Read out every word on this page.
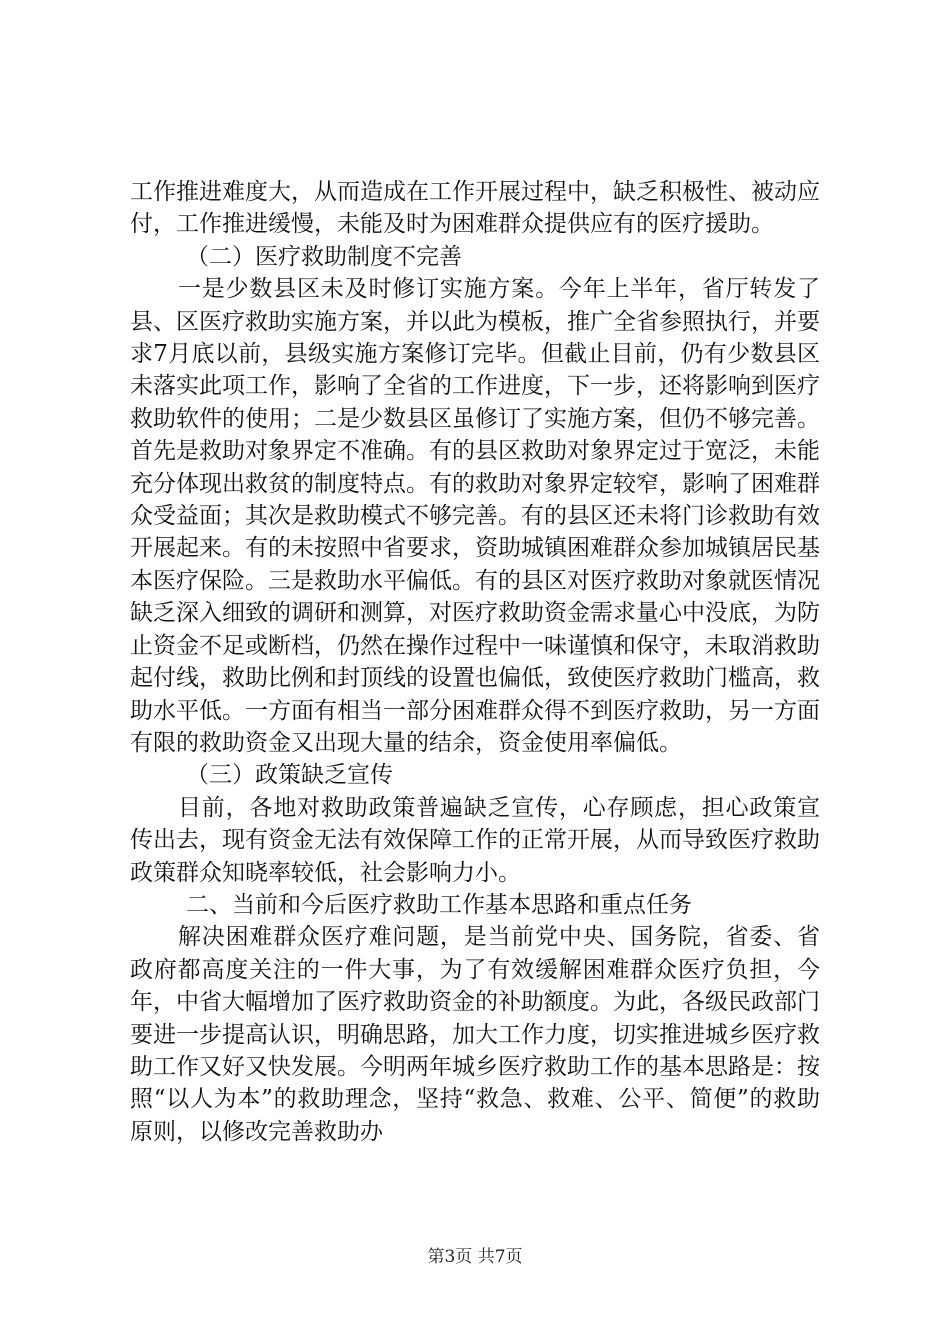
工作推进难度大，从而造成在工作开展过程中，缺乏积极性、被动应付，工作推进缓慢，未能及时为困难群众提供应有的医疗援助。

（二）医疗救助制度不完善

一是少数县区未及时修订实施方案。今年上半年，省厅转发了县、区医疗救助实施方案，并以此为模板，推广全省参照执行，并要求7月底以前，县级实施方案修订完毕。但截止目前，仍有少数县区未落实此项工作，影响了全省的工作进度，下一步，还将影响到医疗救助软件的使用；二是少数县区虽修订了实施方案，但仍不够完善。首先是救助对象界定不准确。有的县区救助对象界定过于宽泛，未能充分体现出救贫的制度特点。有的救助对象界定较窄，影响了困难群众受益面；其次是救助模式不够完善。有的县区还未将门诊救助有效开展起来。有的未按照中省要求，资助城镇困难群众参加城镇居民基本医疗保险。三是救助水平偏低。有的县区对医疗救助对象就医情况缺乏深入细致的调研和测算，对医疗救助资金需求量心中没底，为防止资金不足或断档，仍然在操作过程中一味谨慎和保守，未取消救助起付线，救助比例和封顶线的设置也偏低，致使医疗救助门槛高，救助水平低。一方面有相当一部分困难群众得不到医疗救助，另一方面有限的救助资金又出现大量的结余，资金使用率偏低。

（三）政策缺乏宣传

目前，各地对救助政策普遍缺乏宣传，心存顾虑，担心政策宣传出去，现有资金无法有效保障工作的正常开展，从而导致医疗救助政策群众知晓率较低，社会影响力小。

二、当前和今后医疗救助工作基本思路和重点任务

解决困难群众医疗难问题，是当前党中央、国务院，省委、省政府都高度关注的一件大事，为了有效缓解困难群众医疗负担，今年，中省大幅增加了医疗救助资金的补助额度。为此，各级民政部门要进一步提高认识，明确思路，加大工作力度，切实推进城乡医疗救助工作又好又快发展。今明两年城乡医疗救助工作的基本思路是：按照“以人为本”的救助理念，坚持“救急、救难、公平、简便”的救助原则，以修改完善救助办

第3页 共7页
